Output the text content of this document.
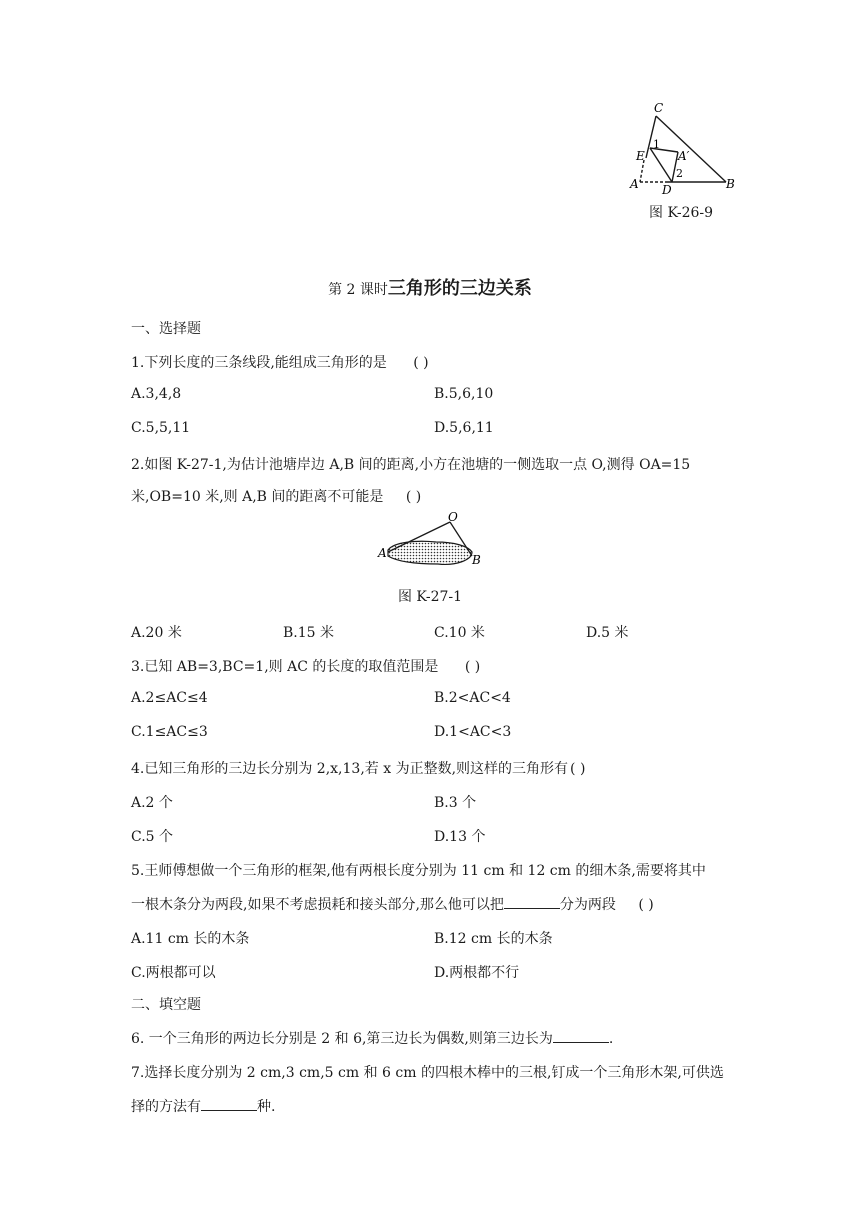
C
E
1
A′
2
A D	B
图 K-26-9
第 2 课时三角形的三边关系
一、选择题
1.下列长度的三条线段,能组成三角形的是 ( )
A.3,4,8	B.5,6,10
C.5,5,11	D.5,6,11
2.如图 K-27-1,为估计池塘岸边 A,B 间的距离,小方在池塘的一侧选取一点 O,测得 OA=15
米,OB=10 米,则 A,B 间的距离不可能是 ( )
O
A	B
图 K-27-1
A.20 米	B.15 米	C.10 米	D.5 米
3.已知 AB=3,BC=1,则 AC 的长度的取值范围是 ( )
A.2≤AC≤4	B.2<AC<4
C.1≤AC≤3	D.1<AC<3
4.已知三角形的三边长分别为 2,x,13,若 x 为正整数,则这样的三角形有 ( )
A.2 个	B.3 个
C.5 个	D.13 个
5.王师傅想做一个三角形的框架,他有两根长度分别为 11 cm 和 12 cm 的细木条,需要将其中
一根木条分为两段,如果不考虑损耗和接头部分,那么他可以把	分为两段 ( )
A.11 cm 长的木条	B.12 cm 长的木条
C.两根都可以	D.两根都不行
二、填空题
6. 一个三角形的两边长分别是 2 和 6,第三边长为偶数,则第三边长为	.
7.选择长度分别为 2 cm,3 cm,5 cm 和 6 cm 的四根木棒中的三根,钉成一个三角形木架,可供选
择的方法有	种.
